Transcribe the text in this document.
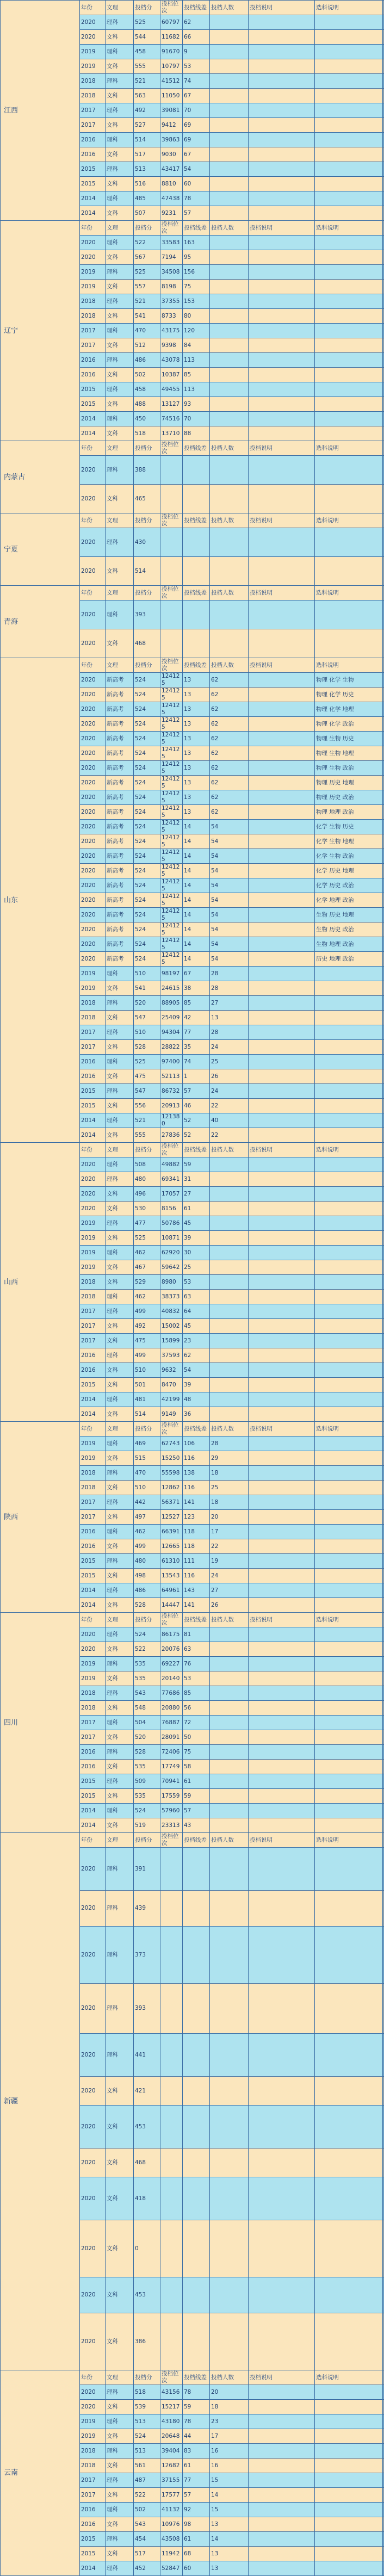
江西	年份	文理	投档分	投档位次	投档线差	投档人数	投档说明	选科说明		
	2020	理科	525	60797	62					
	2020	文科	544	11682	66					
	2019	理科	458	91670	9					
	2019	文科	555	10797	53					
	2018	理科	521	41512	74					
	2018	文科	563	11050	67					
	2017	理科	492	39081	70					
	2017	文科	527	9412	69					
	2016	理科	514	39863	69					
	2016	文科	517	9030	67					
	2015	理科	513	43417	54					
	2015	文科	516	8810	60					
	2014	理科	485	47438	78					
	2014	文科	507	9231	57					
辽宁	年份	文理	投档分	投档位次	投档线差	投档人数	投档说明	选科说明		
	2020	理科	522	33583	163					
	2020	文科	567	7194	95					
	2019	理科	525	34508	156					
	2019	文科	557	8198	75					
	2018	理科	521	37355	153					
	2018	文科	541	8733	80					
	2017	理科	470	43175	120					
	2017	文科	512	9398	84					
	2016	理科	486	43078	113					
	2016	文科	502	10387	85					
	2015	理科	458	49455	113					
	2015	文科	488	13127	93					
	2014	理科	450	74516	70					
	2014	文科	518	13710	88					
内蒙古	年份	文理	投档分	投档位次	投档线差	投档人数	投档说明	选科说明		
	2020	理科	388							
	2020	文科	465							
宁夏	年份	文理	投档分	投档位次	投档线差	投档人数	投档说明	选科说明		
	2020	理科	430							
	2020	文科	514							
青海	年份	文理	投档分	投档位次	投档线差	投档人数	投档说明	选科说明		
	2020	理科	393							
	2020	文科	468							
山东	年份	文理	投档分	投档位次	投档线差	投档人数	投档说明	选科说明		
	2020	新高考	524	124125	13	62		物理 化学 生物		
	2020	新高考	524	124125	13	62		物理 化学 历史		
	2020	新高考	524	124125	13	62		物理 化学 地理		
	2020	新高考	524	124125	13	62		物理 化学 政治		
	2020	新高考	524	124125	13	62		物理 生物 历史		
	2020	新高考	524	124125	13	62		物理 生物 地理		
	2020	新高考	524	124125	13	62		物理 生物 政治		
	2020	新高考	524	124125	13	62		物理 历史 地理		
	2020	新高考	524	124125	13	62		物理 历史 政治		
	2020	新高考	524	124125	13	62		物理 地理 政治		
	2020	新高考	524	124125	14	54		化学 生物 历史		
	2020	新高考	524	124125	14	54		化学 生物 地理		
	2020	新高考	524	124125	14	54		化学 生物 政治		
	2020	新高考	524	124125	14	54		化学 历史 地理		
	2020	新高考	524	124125	14	54		化学 历史 政治		
	2020	新高考	524	124125	14	54		化学 地理 政治		
	2020	新高考	524	124125	14	54		生物 历史 地理		
	2020	新高考	524	124125	14	54		生物 历史 政治		
	2020	新高考	524	124125	14	54		生物 地理 政治		
	2020	新高考	524	124125	14	54		历史 地理 政治		
	2019	理科	510	98197	67	28				
	2019	文科	541	24615	38	28				
	2018	理科	520	88905	85	27				
	2018	文科	547	25409	42	13				
	2017	理科	510	94304	77	28				
	2017	文科	528	28822	35	24				
	2016	理科	525	97400	74	25				
	2016	文科	475	52113	1	26				
	2015	理科	547	86732	57	24				
	2015	文科	556	20913	46	22				
	2014	理科	521	121380	52	40				
	2014	文科	555	27836	52	22				
山西	年份	文理	投档分	投档位次	投档线差	投档人数	投档说明	选科说明		
	2020	理科	508	49882	59					
	2020	理科	480	69341	31					
	2020	文科	496	17057	27					
	2020	文科	530	8156	61					
	2019	理科	477	50786	45					
	2019	文科	525	10871	39					
	2019	理科	462	62920	30					
	2019	文科	467	59642	25					
	2018	文科	529	8980	53					
	2018	理科	462	38373	63					
	2017	理科	499	40832	64					
	2017	文科	492	15002	45					
	2017	文科	475	15899	23					
	2016	理科	499	37593	62					
	2016	文科	510	9632	54					
	2015	文科	501	8470	39					
	2014	理科	481	42199	48					
	2014	文科	514	9149	36					
陕西	年份	文理	投档分	投档位次	投档线差	投档人数	投档说明	选科说明		
	2019	理科	469	62743	106	28				
	2019	文科	515	15250	116	29				
	2018	理科	470	55598	138	18				
	2018	文科	510	12862	116	25				
	2017	理科	442	56371	141	18				
	2017	文科	497	12527	123	20				
	2016	理科	462	66391	118	17				
	2016	文科	499	12665	118	22				
	2015	理科	480	61310	111	19				
	2015	文科	498	13543	116	24				
	2014	理科	486	64961	143	27				
	2014	文科	528	14447	141	26				
四川	年份	文理	投档分	投档位次	投档线差	投档人数	投档说明	选科说明		
	2020	理科	524	86175	81					
	2020	文科	522	20076	63					
	2019	理科	535	69227	76					
	2019	文科	535	20140	53					
	2018	理科	543	77686	85					
	2018	文科	548	20880	56					
	2017	理科	504	76887	72					
	2017	文科	520	28091	50					
	2016	理科	528	72406	75					
	2016	文科	535	17749	58					
	2015	理科	509	70941	61					
	2015	文科	535	17559	59					
	2014	理科	524	57960	57					
	2014	文科	519	23313	43					
新疆	年份	文理	投档分	投档位次	投档线差	投档人数	投档说明	选科说明		
	2020	理科	391							
	2020	理科	439							
	2020	理科	373							
	2020	理科	393							
	2020	理科	441							
	2020	文科	421							
	2020	文科	453							
	2020	文科	468							
	2020	文科	418							
	2020	文科	0							
	2020	文科	453							
	2020	文科	386							
云南	年份	文理	投档分	投档位次	投档线差	投档人数	投档说明	选科说明		
	2020	理科	518	43156	78	20				
	2020	文科	539	15217	59	18				
	2019	理科	513	43180	78	23				
	2019	文科	524	20648	44	17				
	2018	理科	513	39404	83	16				
	2018	文科	561	12682	61	16				
	2017	理科	487	37155	77	15				
	2017	文科	522	17577	57	14				
	2016	理科	502	41132	92	15				
	2016	文科	543	10976	98	13				
	2015	理科	454	43508	61	14				
	2015	文科	517	11942	68	13				
	2014	理科	452	52847	60	13				
